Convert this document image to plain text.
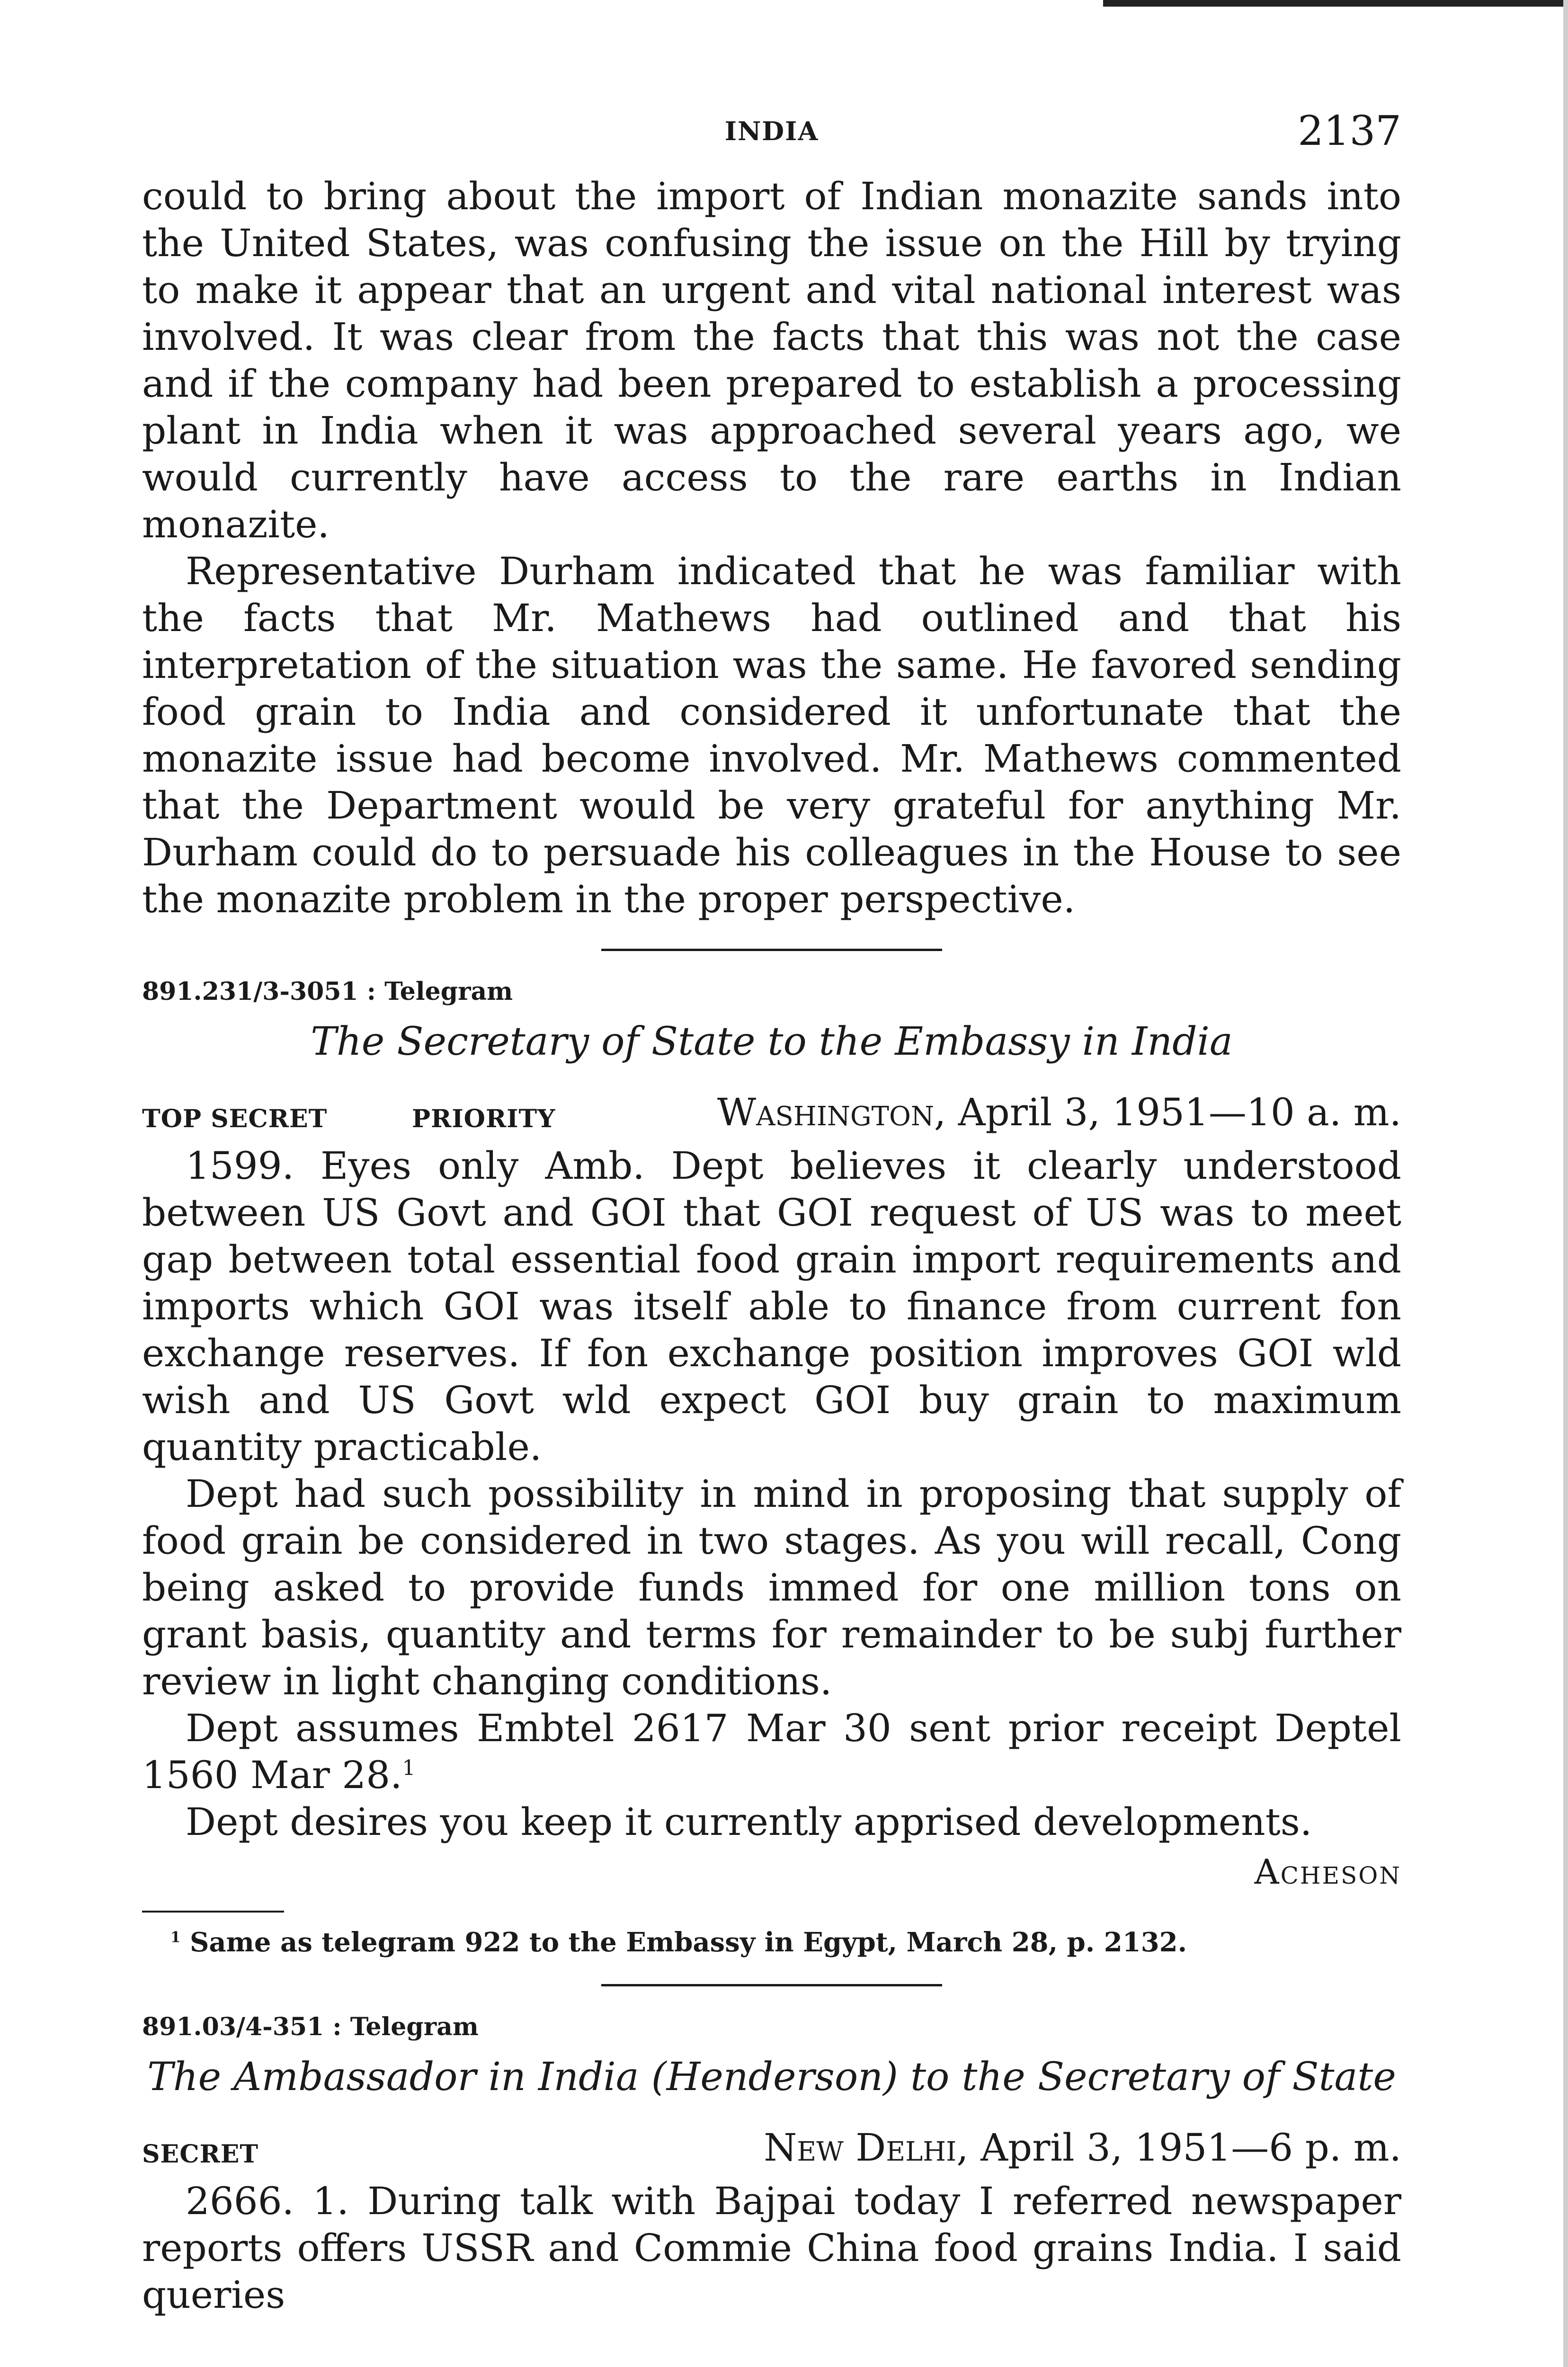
INDIA	2137

could to bring about the import of Indian monazite sands into the United States, was confusing the issue on the Hill by trying to make it appear that an urgent and vital national interest was involved. It was clear from the facts that this was not the case and if the company had been prepared to establish a processing plant in India when it was approached several years ago, we would currently have access to the rare earths in Indian monazite.

Representative Durham indicated that he was familiar with the facts that Mr. Mathews had outlined and that his interpretation of the situation was the same. He favored sending food grain to India and considered it unfortunate that the monazite issue had become involved. Mr. Mathews commented that the Department would be very grateful for anything Mr. Durham could do to persuade his colleagues in the House to see the monazite problem in the proper perspective.

891.231/3-3051 : Telegram
The Secretary of State to the Embassy in India
TOP SECRET	PRIORITY	Washington, April 3, 1951—10 a. m.

1599. Eyes only Amb. Dept believes it clearly understood between US Govt and GOI that GOI request of US was to meet gap between total essential food grain import requirements and imports which GOI was itself able to finance from current fon exchange reserves. If fon exchange position improves GOI wld wish and US Govt wld expect GOI buy grain to maximum quantity practicable.

Dept had such possibility in mind in proposing that supply of food grain be considered in two stages. As you will recall, Cong being asked to provide funds immed for one million tons on grant basis, quantity and terms for remainder to be subj further review in light changing conditions.

Dept assumes Embtel 2617 Mar 30 sent prior receipt Deptel 1560 Mar 28.$^1$

Dept desires you keep it currently apprised developments.

Acheson
$^1$ Same as telegram 922 to the Embassy in Egypt, March 28, p. 2132.
891.03/4-351 : Telegram
The Ambassador in India (Henderson) to the Secretary of State
SECRET	New Delhi, April 3, 1951—6 p. m.

2666. 1. During talk with Bajpai today I referred newspaper reports offers USSR and Commie China food grains India. I said queries
